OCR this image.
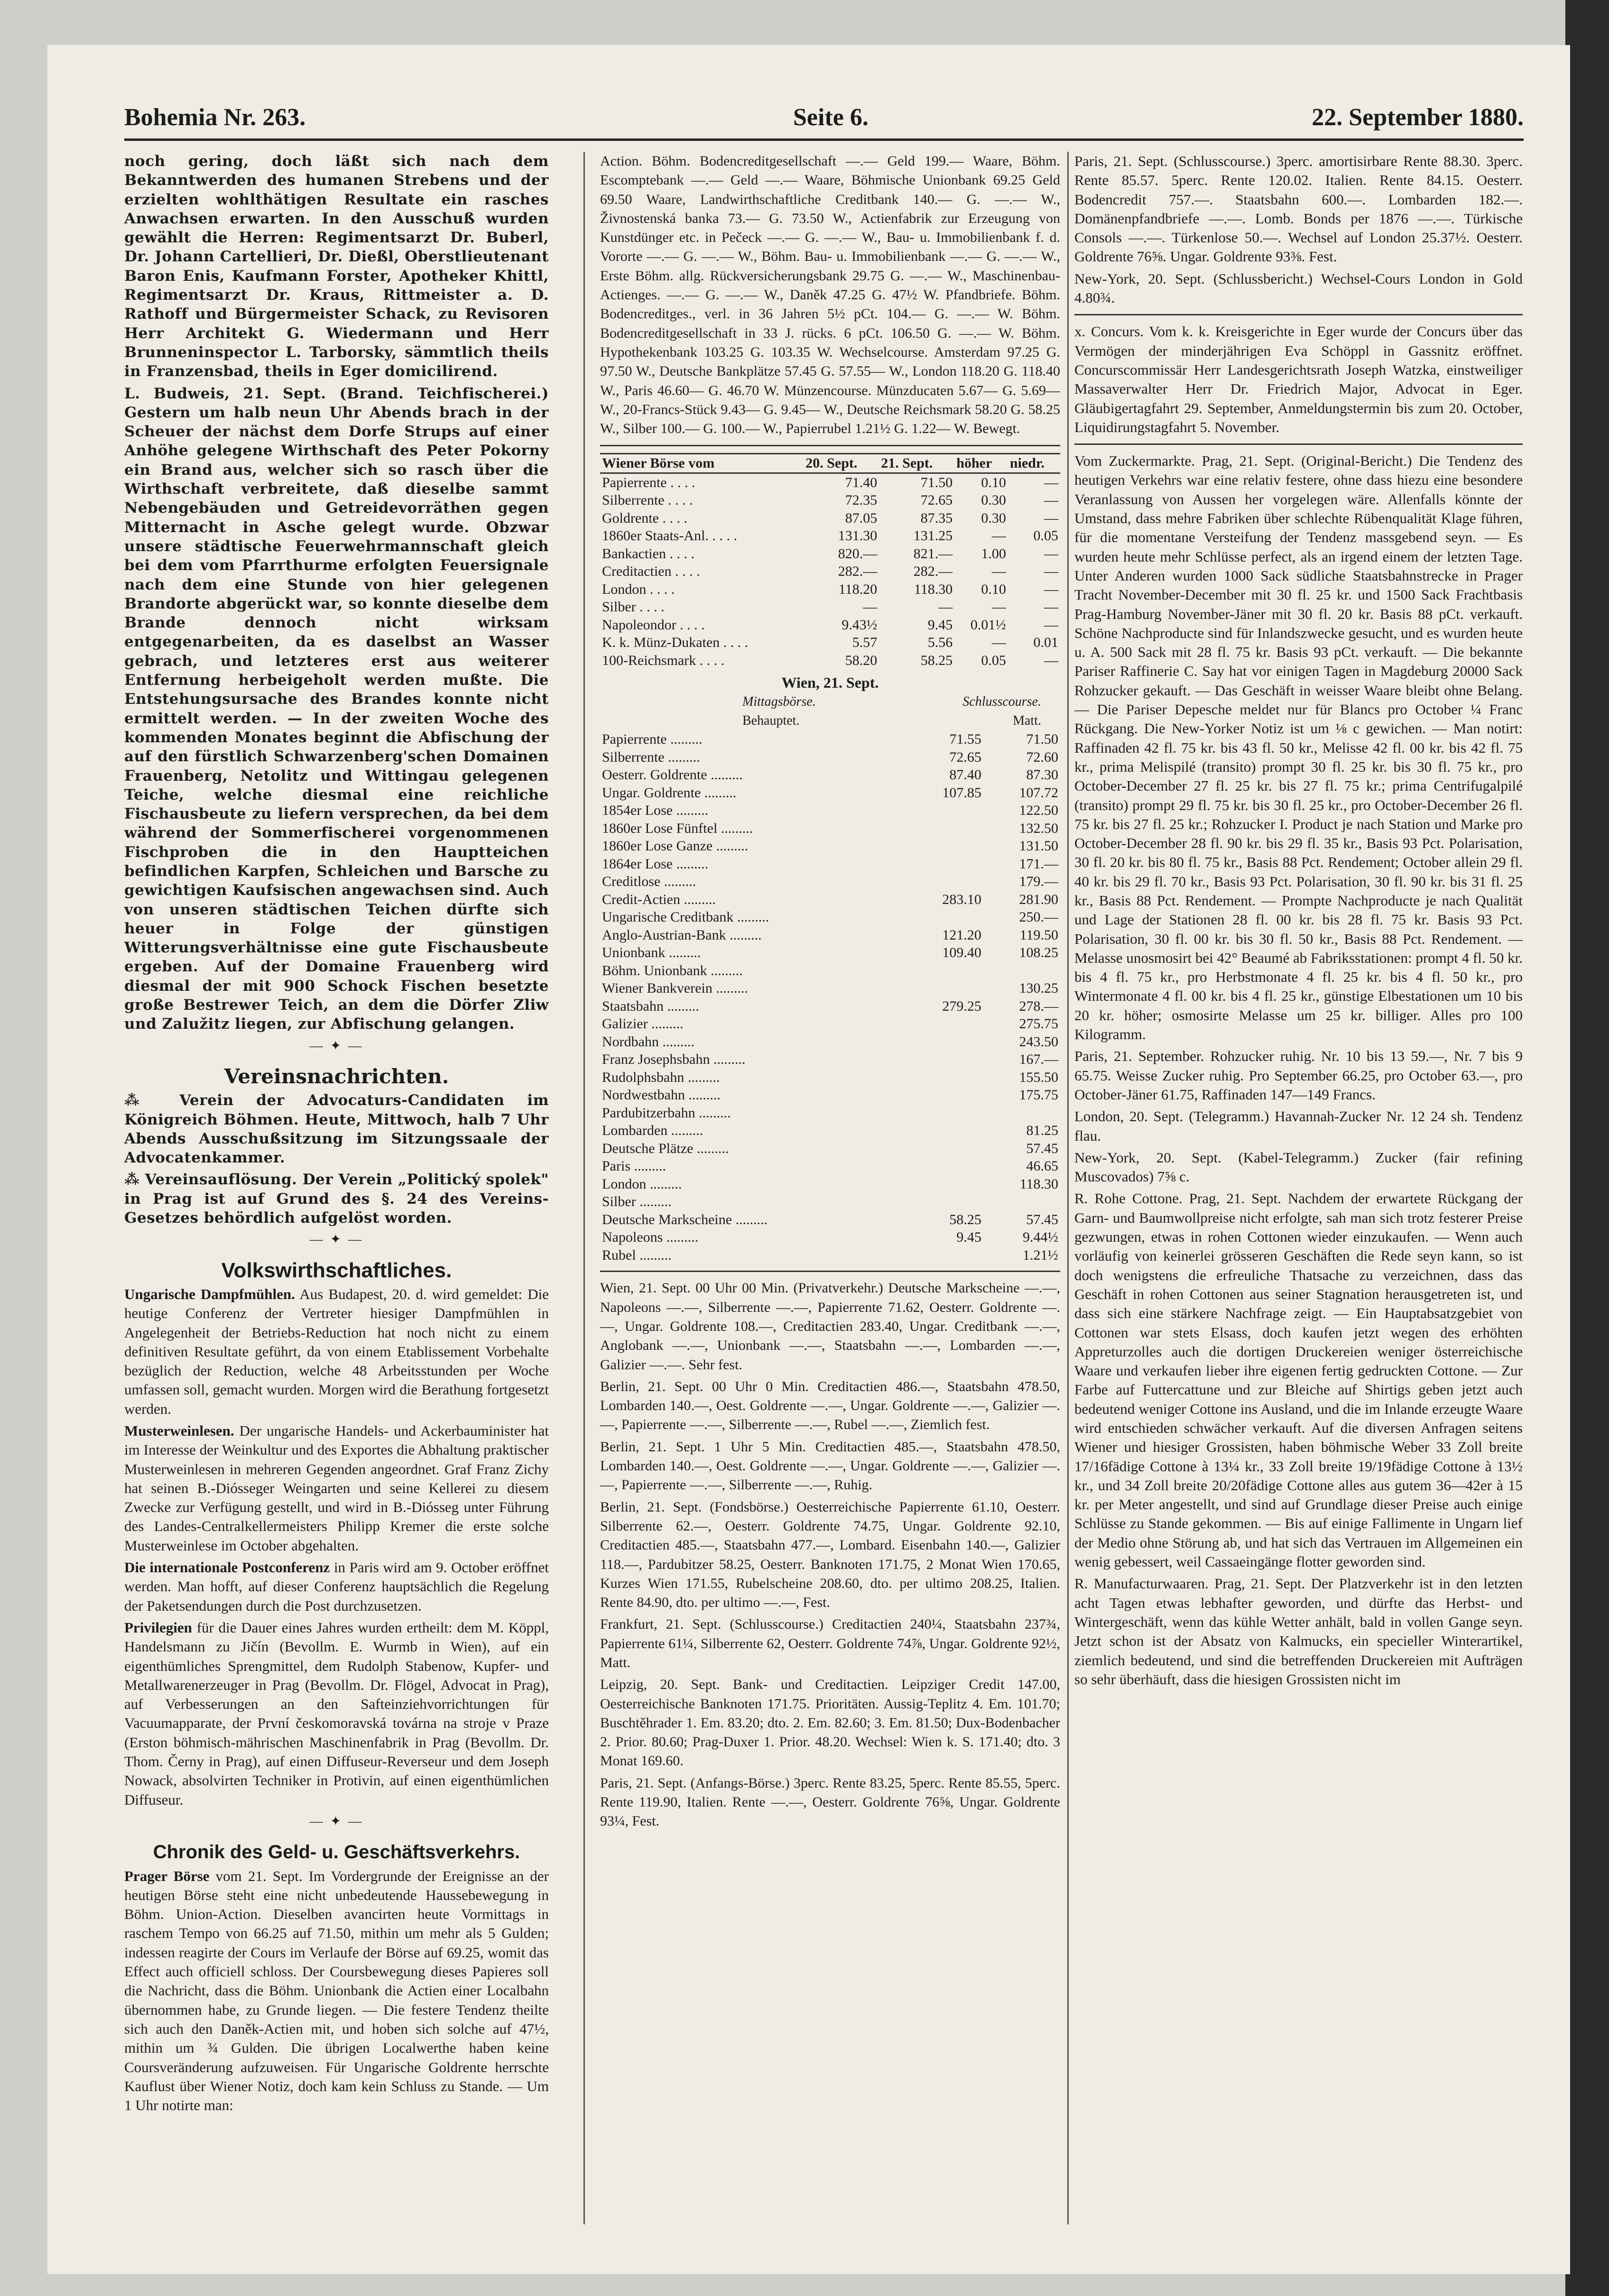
Bohemia Nr. 263.	Seite 6.	22. September 1880.

noch gering, doch läßt sich nach dem Bekanntwerden des humanen Strebens und der erzielten wohlthätigen Resultate ein rasches Anwachsen erwarten. In den Ausschuß wurden gewählt die Herren: Regimentsarzt Dr. Buberl, Dr. Johann Cartellieri, Dr. Dießl, Oberstlieutenant Baron Enis, Kaufmann Forster, Apotheker Khittl, Regimentsarzt Dr. Kraus, Rittmeister a. D. Rathoff und Bürgermeister Schack, zu Revisoren Herr Architekt G. Wiedermann und Herr Brunneninspector L. Tarborsky, sämmtlich theils in Franzensbad, theils in Eger domicilirend.

L. Budweis, 21. Sept. (Brand. Teichfischerei.) Gestern um halb neun Uhr Abends brach in der Scheuer der nächst dem Dorfe Strups auf einer Anhöhe gelegene Wirthschaft des Peter Pokorny ein Brand aus, welcher sich so rasch über die Wirthschaft verbreitete, daß dieselbe sammt Nebengebäuden und Getreidevorräthen gegen Mitternacht in Asche gelegt wurde. Obzwar unsere städtische Feuerwehrmannschaft gleich bei dem vom Pfarrthurme erfolgten Feuersignale nach dem eine Stunde von hier gelegenen Brandorte abgerückt war, so konnte dieselbe dem Brande dennoch nicht wirksam entgegenarbeiten, da es daselbst an Wasser gebrach, und letzteres erst aus weiterer Entfernung herbeigeholt werden mußte. Die Entstehungsursache des Brandes konnte nicht ermittelt werden. — In der zweiten Woche des kommenden Monates beginnt die Abfischung der auf den fürstlich Schwarzenberg'schen Domainen Frauenberg, Netolitz und Wittingau gelegenen Teiche, welche diesmal eine reichliche Fischausbeute zu liefern versprechen, da bei dem während der Sommerfischerei vorgenommenen Fischproben die in den Hauptteichen befindlichen Karpfen, Schleichen und Barsche zu gewichtigen Kaufsischen angewachsen sind. Auch von unseren städtischen Teichen dürfte sich heuer in Folge der günstigen Witterungsverhältnisse eine gute Fischausbeute ergeben. Auf der Domaine Frauenberg wird diesmal der mit 900 Schock Fischen besetzte große Bestrewer Teich, an dem die Dörfer Zliw und Zalužitz liegen, zur Abfischung gelangen.

— ✦ —
Vereinsnachrichten.

⁂ Verein der Advocaturs-Candidaten im Königreich Böhmen. Heute, Mittwoch, halb 7 Uhr Abends Ausschußsitzung im Sitzungssaale der Advocatenkammer.

⁂ Vereinsauflösung. Der Verein „Politický spolek" in Prag ist auf Grund des §. 24 des Vereins-Gesetzes behördlich aufgelöst worden.

— ✦ —
Volkswirthschaftliches.

Ungarische Dampfmühlen. Aus Budapest, 20. d. wird gemeldet: Die heutige Conferenz der Vertreter hiesiger Dampfmühlen in Angelegenheit der Betriebs-Reduction hat noch nicht zu einem definitiven Resultate geführt, da von einem Etablissement Vorbehalte bezüglich der Reduction, welche 48 Arbeitsstunden per Woche umfassen soll, gemacht wurden. Morgen wird die Berathung fortgesetzt werden.

Musterweinlesen. Der ungarische Handels- und Ackerbauminister hat im Interesse der Weinkultur und des Exportes die Abhaltung praktischer Musterweinlesen in mehreren Gegenden angeordnet. Graf Franz Zichy hat seinen B.-Diósseger Weingarten und seine Kellerei zu diesem Zwecke zur Verfügung gestellt, und wird in B.-Diósseg unter Führung des Landes-Centralkellermeisters Philipp Kremer die erste solche Musterweinlese im October abgehalten.

Die internationale Postconferenz in Paris wird am 9. October eröffnet werden. Man hofft, auf dieser Conferenz hauptsächlich die Regelung der Paketsendungen durch die Post durchzusetzen.

Privilegien für die Dauer eines Jahres wurden ertheilt: dem M. Köppl, Handelsmann zu Jičín (Bevollm. E. Wurmb in Wien), auf ein eigenthümliches Sprengmittel, dem Rudolph Stabenow, Kupfer- und Metallwarenerzeuger in Prag (Bevollm. Dr. Flögel, Advocat in Prag), auf Verbesserungen an den Safteinziehvorrichtungen für Vacuumapparate, der První českomoravská továrna na stroje v Praze (Erston böhmisch-mährischen Maschinenfabrik in Prag (Bevollm. Dr. Thom. Černy in Prag), auf einen Diffuseur-Reverseur und dem Joseph Nowack, absolvirten Techniker in Protivin, auf einen eigenthümlichen Diffuseur.

— ✦ —
Chronik des Geld- u. Geschäftsverkehrs.

Prager Börse vom 21. Sept. Im Vordergrunde der Ereignisse an der heutigen Börse steht eine nicht unbedeutende Haussebewegung in Böhm. Union-Action. Dieselben avancirten heute Vormittags in raschem Tempo von 66.25 auf 71.50, mithin um mehr als 5 Gulden; indessen reagirte der Cours im Verlaufe der Börse auf 69.25, womit das Effect auch officiell schloss. Der Coursbewegung dieses Papieres soll die Nachricht, dass die Böhm. Unionbank die Actien einer Localbahn übernommen habe, zu Grunde liegen. — Die festere Tendenz theilte sich auch den Daněk-Actien mit, und hoben sich solche auf 47½, mithin um ¾ Gulden. Die übrigen Localwerthe haben keine Coursveränderung aufzuweisen. Für Ungarische Goldrente herrschte Kauflust über Wiener Notiz, doch kam kein Schluss zu Stande. — Um 1 Uhr notirte man:

Action. Böhm. Bodencreditgesellschaft —.— Geld 199.— Waare, Böhm. Escomptebank —.— Geld —.— Waare, Böhmische Unionbank 69.25 Geld 69.50 Waare, Landwirthschaftliche Creditbank 140.— G. —.— W., Živnostenská banka 73.— G. 73.50 W., Actienfabrik zur Erzeugung von Kunstdünger etc. in Pečeck —.— G. —.— W., Bau- u. Immobilienbank f. d. Vororte —.— G. —.— W., Böhm. Bau- u. Immobilienbank —.— G. —.— W., Erste Böhm. allg. Rückversicherungsbank 29.75 G. —.— W., Maschinenbau-Actienges. —.— G. —.— W., Daněk 47.25 G. 47½ W. Pfandbriefe. Böhm. Bodencreditges., verl. in 36 Jahren 5½ pCt. 104.— G. —.— W. Böhm. Bodencreditgesellschaft in 33 J. rücks. 6 pCt. 106.50 G. —.— W. Böhm. Hypothekenbank 103.25 G. 103.35 W. Wechselcourse. Amsterdam 97.25 G. 97.50 W., Deutsche Bankplätze 57.45 G. 57.55— W., London 118.20 G. 118.40 W., Paris 46.60— G. 46.70 W. Münzencourse. Münzducaten 5.67— G. 5.69— W., 20-Francs-Stück 9.43— G. 9.45— W., Deutsche Reichsmark 58.20 G. 58.25 W., Silber 100.— G. 100.— W., Papierrubel 1.21½ G. 1.22— W. Bewegt.

Wiener Börse vom	20. Sept.	21. Sept.	höher	niedr.
Papierrente . . . .	71.40	71.50	0.10	—
Silberrente . . . .	72.35	72.65	0.30	—
Goldrente . . . .	87.05	87.35	0.30	—
1860er Staats-Anl. . . . .	131.30	131.25	—	0.05
Bankactien . . . .	820.—	821.—	1.00	—
Creditactien . . . .	282.—	282.—	—	—
London . . . .	118.20	118.30	0.10	—
Silber . . . .	—	—	—	—
Napoleondor . . . .	9.43½	9.45	0.01½	—
K. k. Münz-Dukaten . . . .	5.57	5.56	—	0.01
100-Reichsmark . . . .	58.20	58.25	0.05	—
Wien, 21. Sept.
Mittagsbörse.	Schlusscourse.
Behauptet.	Matt.
Papierrente .........	71.55	71.50
Silberrente .........	72.65	72.60
Oesterr. Goldrente .........	87.40	87.30
Ungar. Goldrente .........	107.85	107.72
1854er Lose .........		122.50
1860er Lose Fünftel .........		132.50
1860er Lose Ganze .........		131.50
1864er Lose .........		171.—
Creditlose .........		179.—
Credit-Actien .........	283.10	281.90
Ungarische Creditbank .........		250.—
Anglo-Austrian-Bank .........	121.20	119.50
Unionbank .........	109.40	108.25
Böhm. Unionbank .........		
Wiener Bankverein .........		130.25
Staatsbahn .........	279.25	278.—
Galizier .........		275.75
Nordbahn .........		243.50
Franz Josephsbahn .........		167.—
Rudolphsbahn .........		155.50
Nordwestbahn .........		175.75
Pardubitzerbahn .........		
Lombarden .........		81.25
Deutsche Plätze .........		57.45
Paris .........		46.65
London .........		118.30
Silber .........		
Deutsche Markscheine .........	58.25	57.45
Napoleons .........	9.45	9.44½
Rubel .........		1.21½

Wien, 21. Sept. 00 Uhr 00 Min. (Privatverkehr.) Deutsche Markscheine —.—, Napoleons —.—, Silberrente —.—, Papierrente 71.62, Oesterr. Goldrente —.—, Ungar. Goldrente 108.—, Creditactien 283.40, Ungar. Creditbank —.—, Anglobank —.—, Unionbank —.—, Staatsbahn —.—, Lombarden —.—, Galizier —.—. Sehr fest.

Berlin, 21. Sept. 00 Uhr 0 Min. Creditactien 486.—, Staatsbahn 478.50, Lombarden 140.—, Oest. Goldrente —.—, Ungar. Goldrente —.—, Galizier —.—, Papierrente —.—, Silberrente —.—, Rubel —.—, Ziemlich fest.

Berlin, 21. Sept. 1 Uhr 5 Min. Creditactien 485.—, Staatsbahn 478.50, Lombarden 140.—, Oest. Goldrente —.—, Ungar. Goldrente —.—, Galizier —.—, Papierrente —.—, Silberrente —.—, Ruhig.

Berlin, 21. Sept. (Fondsbörse.) Oesterreichische Papierrente 61.10, Oesterr. Silberrente 62.—, Oesterr. Goldrente 74.75, Ungar. Goldrente 92.10, Creditactien 485.—, Staatsbahn 477.—, Lombard. Eisenbahn 140.—, Galizier 118.—, Pardubitzer 58.25, Oesterr. Banknoten 171.75, 2 Monat Wien 170.65, Kurzes Wien 171.55, Rubelscheine 208.60, dto. per ultimo 208.25, Italien. Rente 84.90, dto. per ultimo —.—, Fest.

Frankfurt, 21. Sept. (Schlusscourse.) Creditactien 240¼, Staatsbahn 237¾, Papierrente 61¼, Silberrente 62, Oesterr. Goldrente 74⅞, Ungar. Goldrente 92½, Matt.

Leipzig, 20. Sept. Bank- und Creditactien. Leipziger Credit 147.00, Oesterreichische Banknoten 171.75. Prioritäten. Aussig-Teplitz 4. Em. 101.70; Buschtěhrader 1. Em. 83.20; dto. 2. Em. 82.60; 3. Em. 81.50; Dux-Bodenbacher 2. Prior. 80.60; Prag-Duxer 1. Prior. 48.20. Wechsel: Wien k. S. 171.40; dto. 3 Monat 169.60.

Paris, 21. Sept. (Anfangs-Börse.) 3perc. Rente 83.25, 5perc. Rente 85.55, 5perc. Rente 119.90, Italien. Rente —.—, Oesterr. Goldrente 76⅝, Ungar. Goldrente 93¼, Fest.

Paris, 21. Sept. (Schlusscourse.) 3perc. amortisirbare Rente 88.30. 3perc. Rente 85.57. 5perc. Rente 120.02. Italien. Rente 84.15. Oesterr. Bodencredit 757.—. Staatsbahn 600.—. Lombarden 182.—. Domänenpfandbriefe —.—. Lomb. Bonds per 1876 —.—. Türkische Consols —.—. Türkenlose 50.—. Wechsel auf London 25.37½. Oesterr. Goldrente 76⅝. Ungar. Goldrente 93⅜. Fest.

New-York, 20. Sept. (Schlussbericht.) Wechsel-Cours London in Gold 4.80¾.

x. Concurs. Vom k. k. Kreisgerichte in Eger wurde der Concurs über das Vermögen der minderjährigen Eva Schöppl in Gassnitz eröffnet. Concurscommissär Herr Landesgerichtsrath Joseph Watzka, einstweiliger Massaverwalter Herr Dr. Friedrich Major, Advocat in Eger. Gläubigertagfahrt 29. September, Anmeldungstermin bis zum 20. October, Liquidirungstagfahrt 5. November.

Vom Zuckermarkte. Prag, 21. Sept. (Original-Bericht.) Die Tendenz des heutigen Verkehrs war eine relativ festere, ohne dass hiezu eine besondere Veranlassung von Aussen her vorgelegen wäre. Allenfalls könnte der Umstand, dass mehre Fabriken über schlechte Rübenqualität Klage führen, für die momentane Versteifung der Tendenz massgebend seyn. — Es wurden heute mehr Schlüsse perfect, als an irgend einem der letzten Tage. Unter Anderen wurden 1000 Sack südliche Staatsbahnstrecke in Prager Tracht November-December mit 30 fl. 25 kr. und 1500 Sack Frachtbasis Prag-Hamburg November-Jäner mit 30 fl. 20 kr. Basis 88 pCt. verkauft. Schöne Nachproducte sind für Inlandszwecke gesucht, und es wurden heute u. A. 500 Sack mit 28 fl. 75 kr. Basis 93 pCt. verkauft. — Die bekannte Pariser Raffinerie C. Say hat vor einigen Tagen in Magdeburg 20000 Sack Rohzucker gekauft. — Das Geschäft in weisser Waare bleibt ohne Belang. — Die Pariser Depesche meldet nur für Blancs pro October ¼ Franc Rückgang. Die New-Yorker Notiz ist um ⅛ c gewichen. — Man notirt: Raffinaden 42 fl. 75 kr. bis 43 fl. 50 kr., Melisse 42 fl. 00 kr. bis 42 fl. 75 kr., prima Melispilé (transito) prompt 30 fl. 25 kr. bis 30 fl. 75 kr., pro October-December 27 fl. 25 kr. bis 27 fl. 75 kr.; prima Centrifugalpilé (transito) prompt 29 fl. 75 kr. bis 30 fl. 25 kr., pro October-December 26 fl. 75 kr. bis 27 fl. 25 kr.; Rohzucker I. Product je nach Station und Marke pro October-December 28 fl. 90 kr. bis 29 fl. 35 kr., Basis 93 Pct. Polarisation, 30 fl. 20 kr. bis 80 fl. 75 kr., Basis 88 Pct. Rendement; October allein 29 fl. 40 kr. bis 29 fl. 70 kr., Basis 93 Pct. Polarisation, 30 fl. 90 kr. bis 31 fl. 25 kr., Basis 88 Pct. Rendement. — Prompte Nachproducte je nach Qualität und Lage der Stationen 28 fl. 00 kr. bis 28 fl. 75 kr. Basis 93 Pct. Polarisation, 30 fl. 00 kr. bis 30 fl. 50 kr., Basis 88 Pct. Rendement. — Melasse unosmosirt bei 42° Beaumé ab Fabriksstationen: prompt 4 fl. 50 kr. bis 4 fl. 75 kr., pro Herbstmonate 4 fl. 25 kr. bis 4 fl. 50 kr., pro Wintermonate 4 fl. 00 kr. bis 4 fl. 25 kr., günstige Elbestationen um 10 bis 20 kr. höher; osmosirte Melasse um 25 kr. billiger. Alles pro 100 Kilogramm.

Paris, 21. September. Rohzucker ruhig. Nr. 10 bis 13 59.—, Nr. 7 bis 9 65.75. Weisse Zucker ruhig. Pro September 66.25, pro October 63.—, pro October-Jäner 61.75, Raffinaden 147—149 Francs.

London, 20. Sept. (Telegramm.) Havannah-Zucker Nr. 12 24 sh. Tendenz flau.

New-York, 20. Sept. (Kabel-Telegramm.) Zucker (fair refining Muscovados) 7⅝ c.

R. Rohe Cottone. Prag, 21. Sept. Nachdem der erwartete Rückgang der Garn- und Baumwollpreise nicht erfolgte, sah man sich trotz festerer Preise gezwungen, etwas in rohen Cottonen wieder einzukaufen. — Wenn auch vorläufig von keinerlei grösseren Geschäften die Rede seyn kann, so ist doch wenigstens die erfreuliche Thatsache zu verzeichnen, dass das Geschäft in rohen Cottonen aus seiner Stagnation herausgetreten ist, und dass sich eine stärkere Nachfrage zeigt. — Ein Hauptabsatzgebiet von Cottonen war stets Elsass, doch kaufen jetzt wegen des erhöhten Appreturzolles auch die dortigen Druckereien weniger österreichische Waare und verkaufen lieber ihre eigenen fertig gedruckten Cottone. — Zur Farbe auf Futtercattune und zur Bleiche auf Shirtigs geben jetzt auch bedeutend weniger Cottone ins Ausland, und die im Inlande erzeugte Waare wird entschieden schwächer verkauft. Auf die diversen Anfragen seitens Wiener und hiesiger Grossisten, haben böhmische Weber 33 Zoll breite 17/16fädige Cottone à 13¼ kr., 33 Zoll breite 19/19fädige Cottone à 13½ kr., und 34 Zoll breite 20/20fädige Cottone alles aus gutem 36—42er à 15 kr. per Meter angestellt, und sind auf Grundlage dieser Preise auch einige Schlüsse zu Stande gekommen. — Bis auf einige Fallimente in Ungarn lief der Medio ohne Störung ab, und hat sich das Vertrauen im Allgemeinen ein wenig gebessert, weil Cassaeingänge flotter geworden sind.

R. Manufacturwaaren. Prag, 21. Sept. Der Platzverkehr ist in den letzten acht Tagen etwas lebhafter geworden, und dürfte das Herbst- und Wintergeschäft, wenn das kühle Wetter anhält, bald in vollen Gange seyn. Jetzt schon ist der Absatz von Kalmucks, ein specieller Winterartikel, ziemlich bedeutend, und sind die betreffenden Druckereien mit Aufträgen so sehr überhäuft, dass die hiesigen Grossisten nicht im
